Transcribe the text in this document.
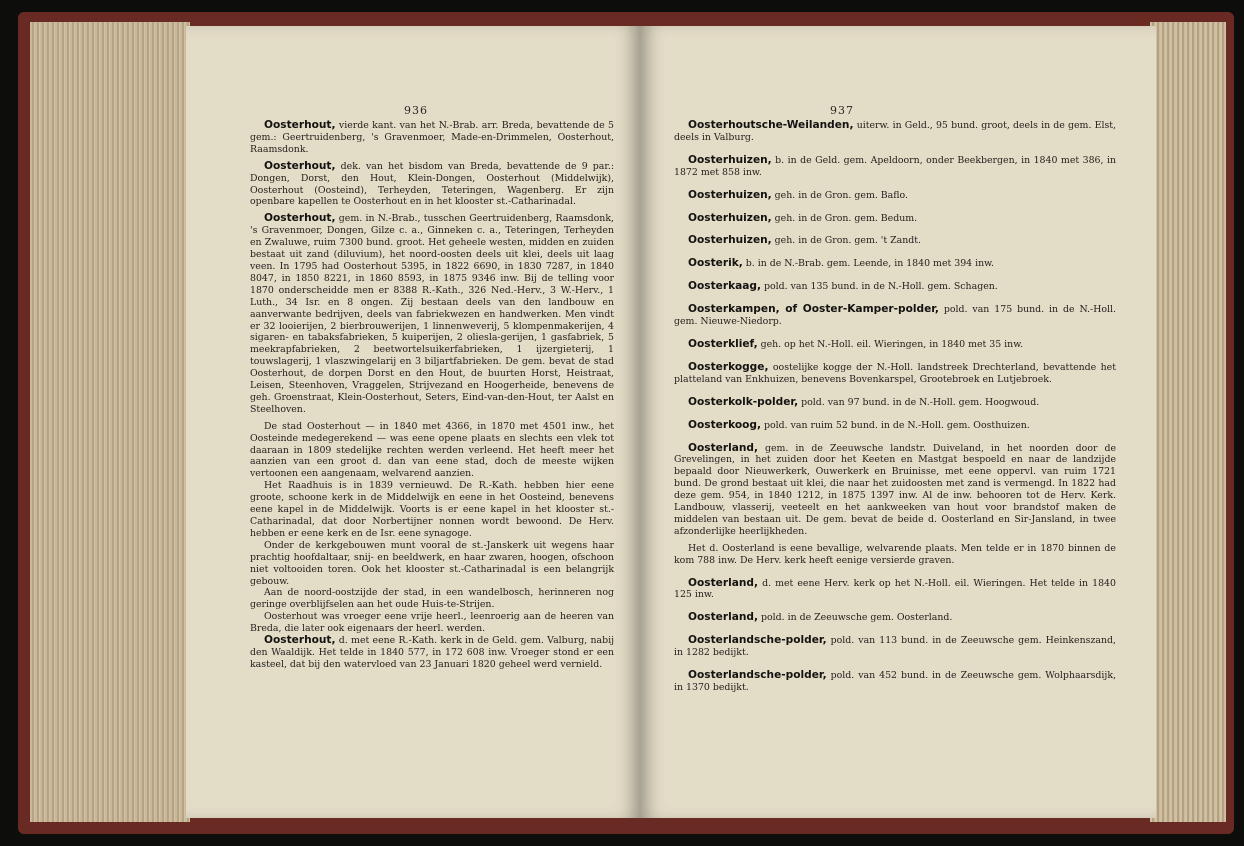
936

Oosterhout, vierde kant. van het N.-Brab. arr. Breda, bevattende de 5 gem.: Geertruidenberg, 's Gravenmoer, Made-en-Drimmelen, Oosterhout, Raamsdonk.

Oosterhout, dek. van het bisdom van Breda, bevattende de 9 par.: Dongen, Dorst, den Hout, Klein-Dongen, Oosterhout (Middelwijk), Oosterhout (Oosteind), Terheyden, Teteringen, Wagenberg. Er zijn openbare kapellen te Oosterhout en in het klooster st.-Catharinadal.

Oosterhout, gem. in N.-Brab., tusschen Geertruidenberg, Raamsdonk, 's Gravenmoer, Dongen, Gilze c. a., Ginneken c. a., Teteringen, Terheyden en Zwaluwe, ruim 7300 bund. groot. Het geheele westen, midden en zuiden bestaat uit zand (diluvium), het noord-oosten deels uit klei, deels uit laag veen. In 1795 had Oosterhout 5395, in 1822 6690, in 1830 7287, in 1840 8047, in 1850 8221, in 1860 8593, in 1875 9346 inw. Bij de telling voor 1870 onderscheidde men er 8388 R.-Kath., 326 Ned.-Herv., 3 W.-Herv., 1 Luth., 34 Isr. en 8 ongen. Zij bestaan deels van den landbouw en aanverwante bedrijven, deels van fabriekwezen en handwerken. Men vindt er 32 looierijen, 2 bierbrouwerijen, 1 linnenweverij, 5 klompenmakerijen, 4 sigaren- en tabaksfabrieken, 5 kuiperijen, 2 oliesla-gerijen, 1 gasfabriek, 5 meekrapfabrieken, 2 beetwortelsuikerfabrieken, 1 ijzergieterij, 1 touwslagerij, 1 vlaszwingelarij en 3 biljartfabrieken. De gem. bevat de stad Oosterhout, de dorpen Dorst en den Hout, de buurten Horst, Heistraat, Leisen, Steenhoven, Vraggelen, Strijvezand en Hoogerheide, benevens de geh. Groenstraat, Klein-Oosterhout, Seters, Eind-van-den-Hout, ter Aalst en Steelhoven.

De stad Oosterhout — in 1840 met 4366, in 1870 met 4501 inw., het Oosteinde medegerekend — was eene opene plaats en slechts een vlek tot daaraan in 1809 stedelijke rechten werden verleend. Het heeft meer het aanzien van een groot d. dan van eene stad, doch de meeste wijken vertoonen een aangenaam, welvarend aanzien.

Het Raadhuis is in 1839 vernieuwd. De R.-Kath. hebben hier eene groote, schoone kerk in de Middelwijk en eene in het Oosteind, benevens eene kapel in de Middelwijk. Voorts is er eene kapel in het klooster st.-Catharinadal, dat door Norbertijner nonnen wordt bewoond. De Herv. hebben er eene kerk en de Isr. eene synagoge.

Onder de kerkgebouwen munt vooral de st.-Janskerk uit wegens haar prachtig hoofdaltaar, snij- en beeldwerk, en haar zwaren, hoogen, ofschoon niet voltooiden toren. Ook het klooster st.-Catharinadal is een belangrijk gebouw.

Aan de noord-oostzijde der stad, in een wandelbosch, herinneren nog geringe overblijfselen aan het oude Huis-te-Strijen.

Oosterhout was vroeger eene vrije heerl., leenroerig aan de heeren van Breda, die later ook eigenaars der heerl. werden.

Oosterhout, d. met eene R.-Kath. kerk in de Geld. gem. Valburg, nabij den Waaldijk. Het telde in 1840 577, in 172 608 inw. Vroeger stond er een kasteel, dat bij den watervloed van 23 Januari 1820 geheel werd vernield.

937

Oosterhoutsche-Weilanden, uiterw. in Geld., 95 bund. groot, deels in de gem. Elst, deels in Valburg.

Oosterhuizen, b. in de Geld. gem. Apeldoorn, onder Beekbergen, in 1840 met 386, in 1872 met 858 inw.

Oosterhuizen, geh. in de Gron. gem. Baflo.

Oosterhuizen, geh. in de Gron. gem. Bedum.

Oosterhuizen, geh. in de Gron. gem. 't Zandt.

Oosterik, b. in de N.-Brab. gem. Leende, in 1840 met 394 inw.

Oosterkaag, pold. van 135 bund. in de N.-Holl. gem. Schagen.

Oosterkampen, of Ooster-Kamper-polder, pold. van 175 bund. in de N.-Holl. gem. Nieuwe-Niedorp.

Oosterklief, geh. op het N.-Holl. eil. Wieringen, in 1840 met 35 inw.

Oosterkogge, oostelijke kogge der N.-Holl. landstreek Drechterland, bevattende het platteland van Enkhuizen, benevens Bovenkarspel, Grootebroek en Lutjebroek.

Oosterkolk-polder, pold. van 97 bund. in de N.-Holl. gem. Hoogwoud.

Oosterkoog, pold. van ruim 52 bund. in de N.-Holl. gem. Oosthuizen.

Oosterland, gem. in de Zeeuwsche landstr. Duiveland, in het noorden door de Grevelingen, in het zuiden door het Keeten en Mastgat bespoeld en naar de landzijde bepaald door Nieuwerkerk, Ouwerkerk en Bruinisse, met eene oppervl. van ruim 1721 bund. De grond bestaat uit klei, die naar het zuidoosten met zand is vermengd. In 1822 had deze gem. 954, in 1840 1212, in 1875 1397 inw. Al de inw. behooren tot de Herv. Kerk. Landbouw, vlasserij, veeteelt en het aankweeken van hout voor brandstof maken de middelen van bestaan uit. De gem. bevat de beide d. Oosterland en Sir-Jansland, in twee afzonderlijke heerlijkheden.

Het d. Oosterland is eene bevallige, welvarende plaats. Men telde er in 1870 binnen de kom 788 inw. De Herv. kerk heeft eenige versierde graven.

Oosterland, d. met eene Herv. kerk op het N.-Holl. eil. Wieringen. Het telde in 1840 125 inw.

Oosterland, pold. in de Zeeuwsche gem. Oosterland.

Oosterlandsche-polder, pold. van 113 bund. in de Zeeuwsche gem. Heinkenszand, in 1282 bedijkt.

Oosterlandsche-polder, pold. van 452 bund. in de Zeeuwsche gem. Wolphaarsdijk, in 1370 bedijkt.
